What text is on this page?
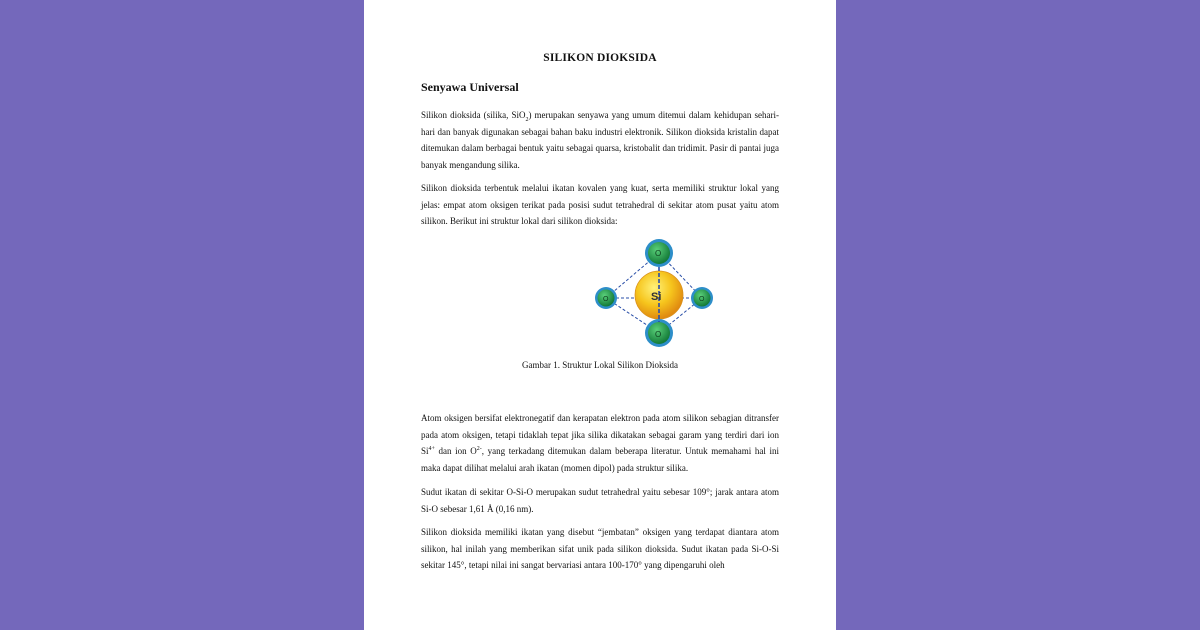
SILIKON DIOKSIDA
Senyawa Universal

Silikon dioksida (silika, SiO$_2$) merupakan senyawa yang umum ditemui dalam kehidupan sehari-hari dan banyak digunakan sebagai bahan baku industri elektronik. Silikon dioksida kristalin dapat ditemukan dalam berbagai bentuk yaitu sebagai quarsa, kristobalit dan tridimit. Pasir di pantai juga banyak mengandung silika.

Silikon dioksida terbentuk melalui ikatan kovalen yang kuat, serta memiliki struktur lokal yang jelas: empat atom oksigen terikat pada posisi sudut tetrahedral di sekitar atom pusat yaitu atom silikon. Berikut ini struktur lokal dari silikon dioksida:

Si
O
O	O
O
Gambar 1. Struktur Lokal Silikon Dioksida

Atom oksigen bersifat elektronegatif dan kerapatan elektron pada atom silikon sebagian ditransfer pada atom oksigen, tetapi tidaklah tepat jika silika dikatakan sebagai garam yang terdiri dari ion $Si^{4+}$ dan ion $O^{2-}$, yang terkadang ditemukan dalam beberapa literatur. Untuk memahami hal ini maka dapat dilihat melalui arah ikatan (momen dipol) pada struktur silika.

Sudut ikatan di sekitar O-Si-O merupakan sudut tetrahedral yaitu sebesar 109°; jarak antara atom Si-O sebesar 1,61 Å (0,16 nm).

Silikon dioksida memiliki ikatan yang disebut “jembatan” oksigen yang terdapat diantara atom silikon, hal inilah yang memberikan sifat unik pada silikon dioksida. Sudut ikatan pada Si-O-Si sekitar 145°, tetapi nilai ini sangat bervariasi antara 100-170° yang dipengaruhi oleh
